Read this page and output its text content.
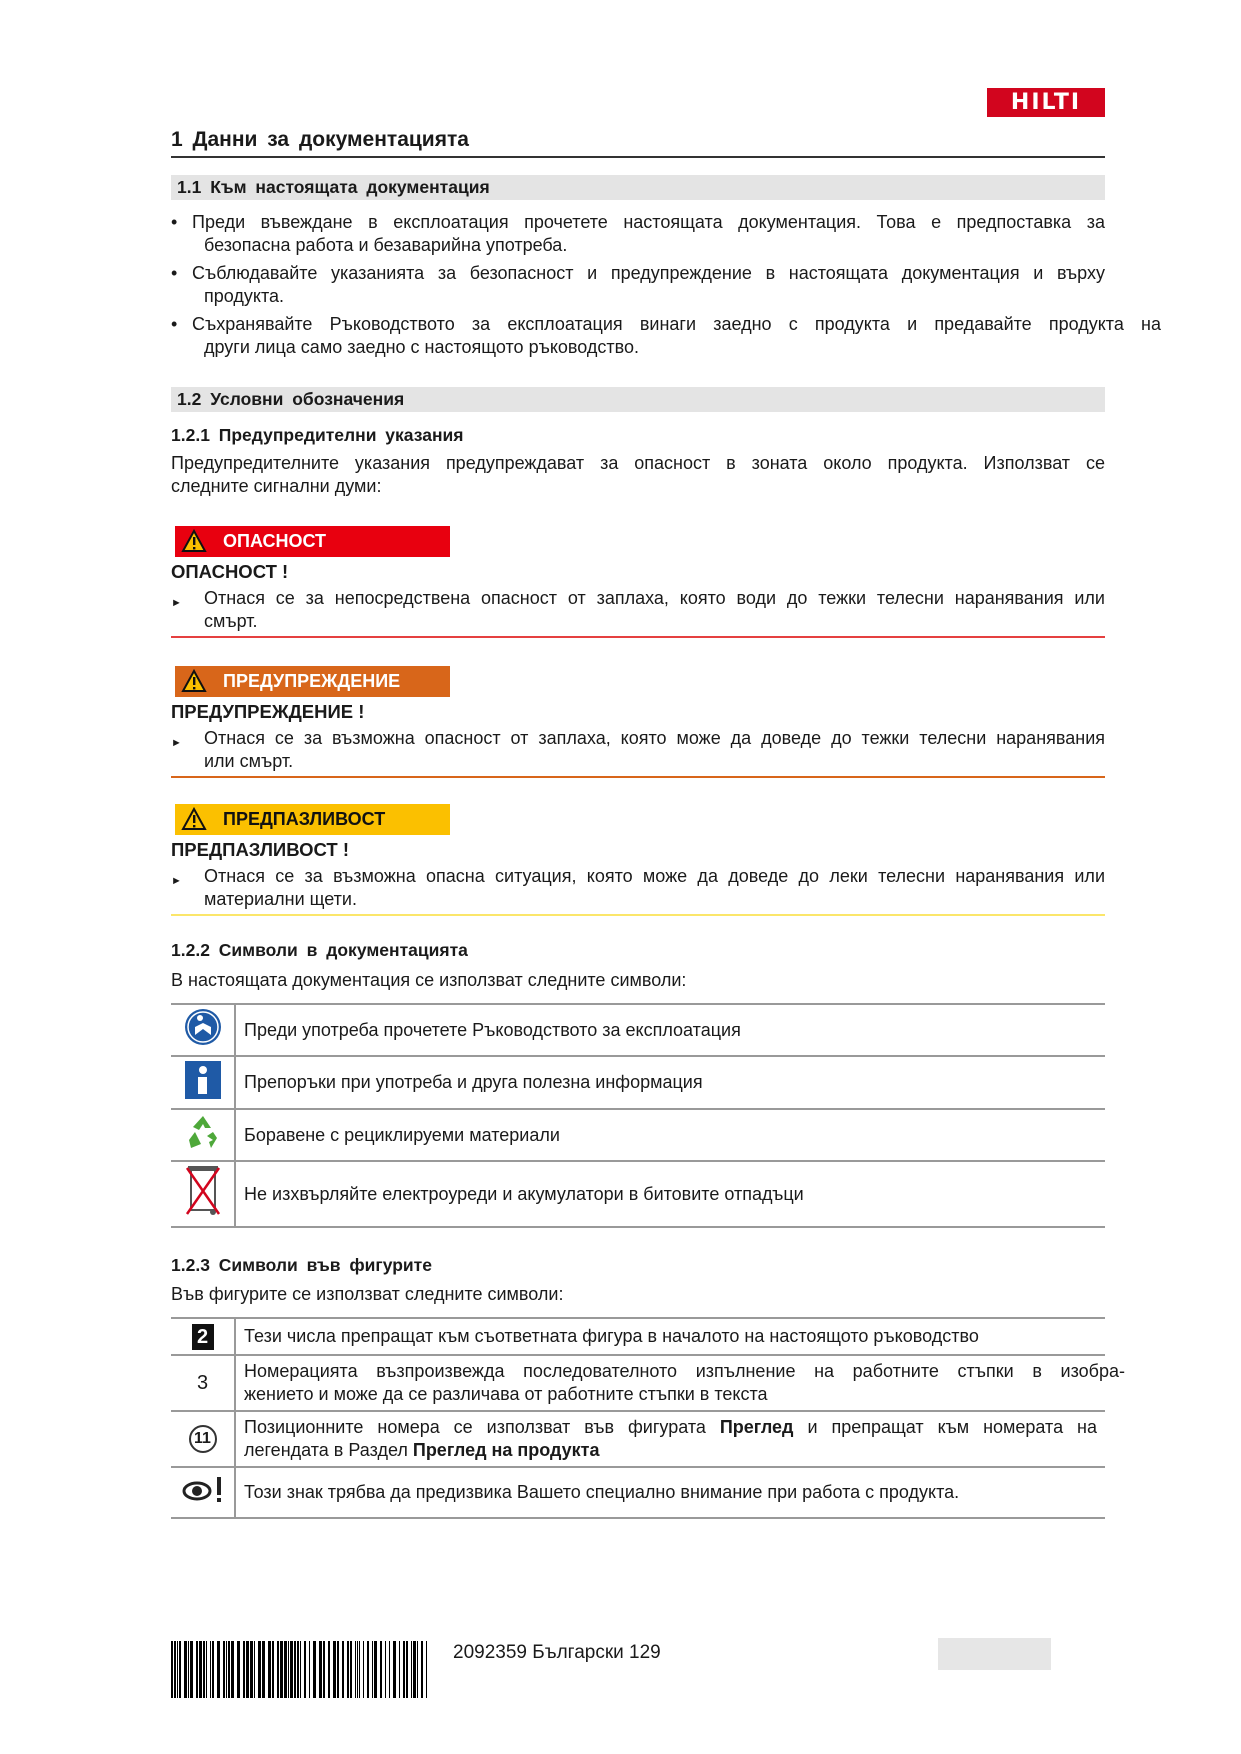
HILTI
1 Данни за документацията
1.1 Към настоящата документация
• Преди въвеждане в експлоатация прочетете настоящата документация. Това е предпоставка за
безопасна работа и безаварийна употреба.
• Съблюдавайте указанията за безопасност и предупреждение в настоящата документация и върху
продукта.
• Съхранявайте Ръководството за експлоатация винаги заедно с продукта и предавайте продукта на
други лица само заедно с настоящото ръководство.
1.2 Условни обозначения
1.2.1 Предупредителни указания
Предупредителните указания предупреждават за опасност в зоната около продукта. Използват се
следните сигнални думи:
ОПАСНОСТ
ОПАСНОСТ !
► Отнася се за непосредствена опасност от заплаха, която води до тежки телесни наранявания или
смърт.
ПРЕДУПРЕЖДЕНИЕ
ПРЕДУПРЕЖДЕНИЕ !
► Отнася се за възможна опасност от заплаха, която може да доведе до тежки телесни наранявания
или смърт.
ПРЕДПАЗЛИВОСТ
ПРЕДПАЗЛИВОСТ !
► Отнася се за възможна опасна ситуация, която може да доведе до леки телесни наранявания или
материални щети.
1.2.2 Символи в документацията
В настоящата документация се използват следните символи:
	Преди употреба прочетете Ръководството за експлоатация
	Препоръки при употреба и друга полезна информация
	Боравене с рециклируеми материали
	Не изхвърляйте електроуреди и акумулатори в битовите отпадъци
1.2.3 Символи във фигурите
Във фигурите се използват следните символи:
2	Тези числа препращат към съответната фигура в началото на настоящото ръководство

3	Номерацията възпроизвежда последователното изпълнение на работните стъпки в изобра-
жението и може да се различава от работните стъпки в текста

11	Позиционните номера се използват във фигурата Преглед и препращат към номерата на
легендата в Раздел Преглед на продукта

Този знак трябва да предизвика Вашето специално внимание при работа с продукта.
2092359 Български 129
